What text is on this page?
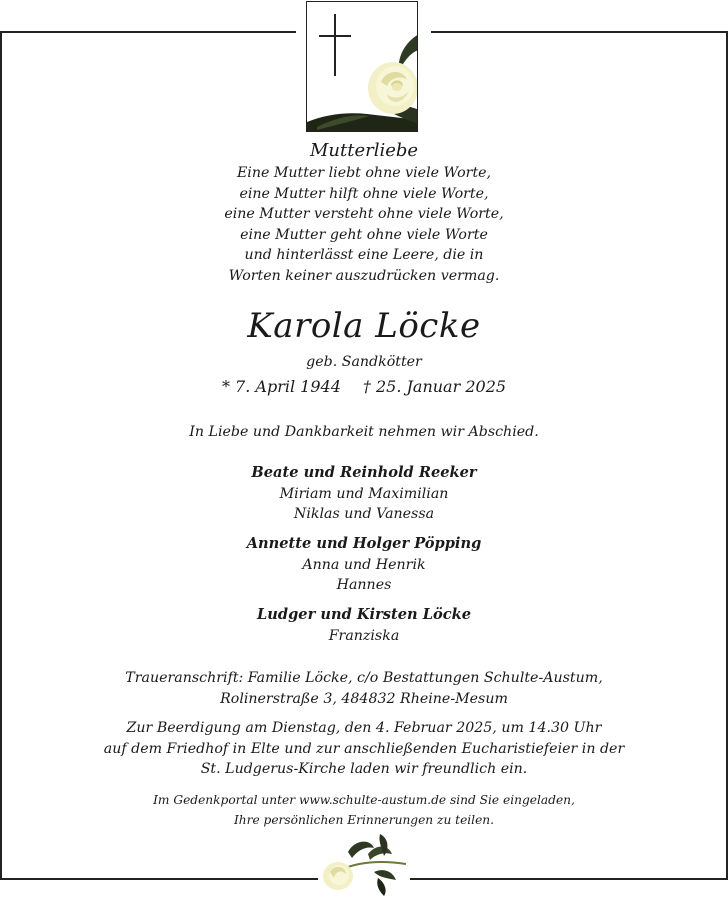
Mutterliebe
Eine Mutter liebt ohne viele Worte,
eine Mutter hilft ohne viele Worte,
eine Mutter versteht ohne viele Worte,
eine Mutter geht ohne viele Worte
und hinterlässt eine Leere, die in
Worten keiner auszudrücken vermag.
Karola Löcke
geb. Sandkötter
* 7. April 1944 † 25. Januar 2025
In Liebe und Dankbarkeit nehmen wir Abschied.
Beate und Reinhold Reeker
Miriam und Maximilian
Niklas und Vanessa
Annette und Holger Pöpping
Anna und Henrik
Hannes
Ludger und Kirsten Löcke
Franziska
Traueranschrift: Familie Löcke, c/o Bestattungen Schulte-Austum,
Rolinerstraße 3, 484832 Rheine-Mesum
Zur Beerdigung am Dienstag, den 4. Februar 2025, um 14.30 Uhr
auf dem Friedhof in Elte und zur anschließenden Eucharistiefeier in der
St. Ludgerus-Kirche laden wir freundlich ein.
Im Gedenkportal unter www.schulte-austum.de sind Sie eingeladen,
Ihre persönlichen Erinnerungen zu teilen.
